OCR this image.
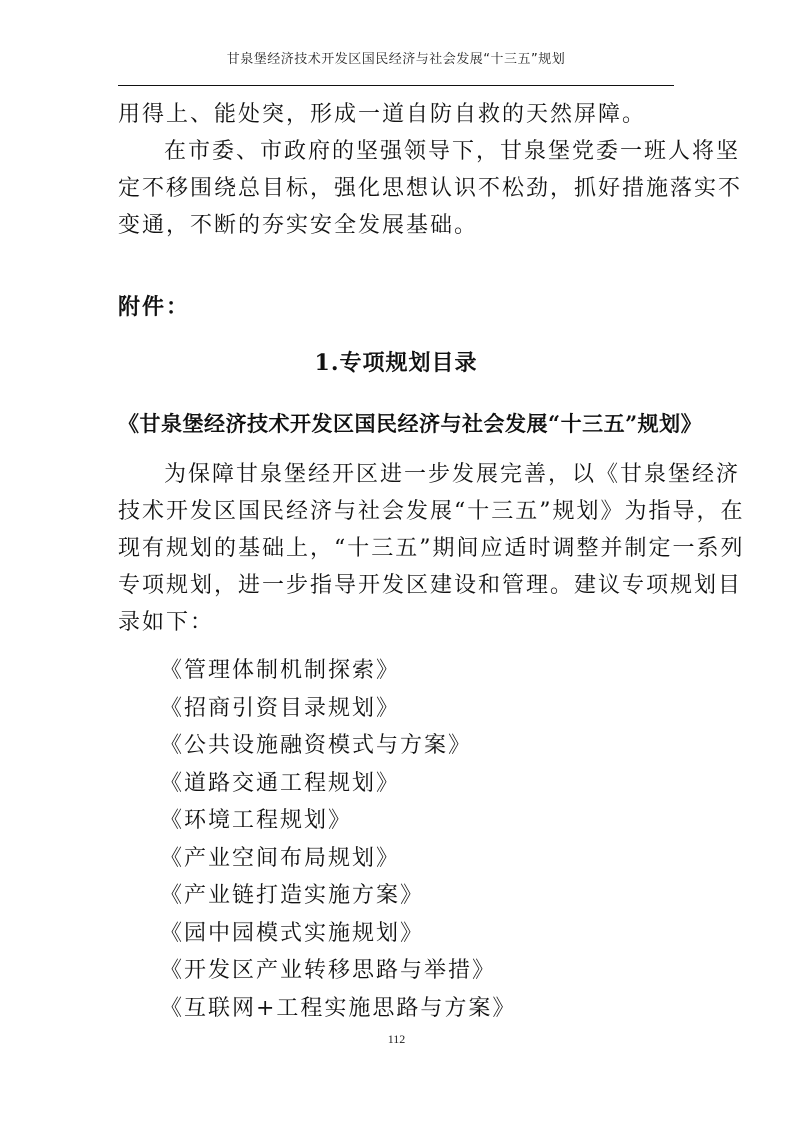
甘泉堡经济技术开发区国民经济与社会发展“十三五”规划
用得上、能处突，形成一道自防自救的天然屏障。
在市委、市政府的坚强领导下，甘泉堡党委一班人将坚
定不移围绕总目标，强化思想认识不松劲，抓好措施落实不
变通，不断的夯实安全发展基础。
附件：
1.专项规划目录
《甘泉堡经济技术开发区国民经济与社会发展“十三五”规划》
为保障甘泉堡经开区进一步发展完善，以《甘泉堡经济
技术开发区国民经济与社会发展“十三五”规划》为指导，在
现有规划的基础上，“十三五”期间应适时调整并制定一系列
专项规划，进一步指导开发区建设和管理。建议专项规划目
录如下：
《管理体制机制探索》
《招商引资目录规划》
《公共设施融资模式与方案》
《道路交通工程规划》
《环境工程规划》
《产业空间布局规划》
《产业链打造实施方案》
《园中园模式实施规划》
《开发区产业转移思路与举措》
《互联网+工程实施思路与方案》
112
